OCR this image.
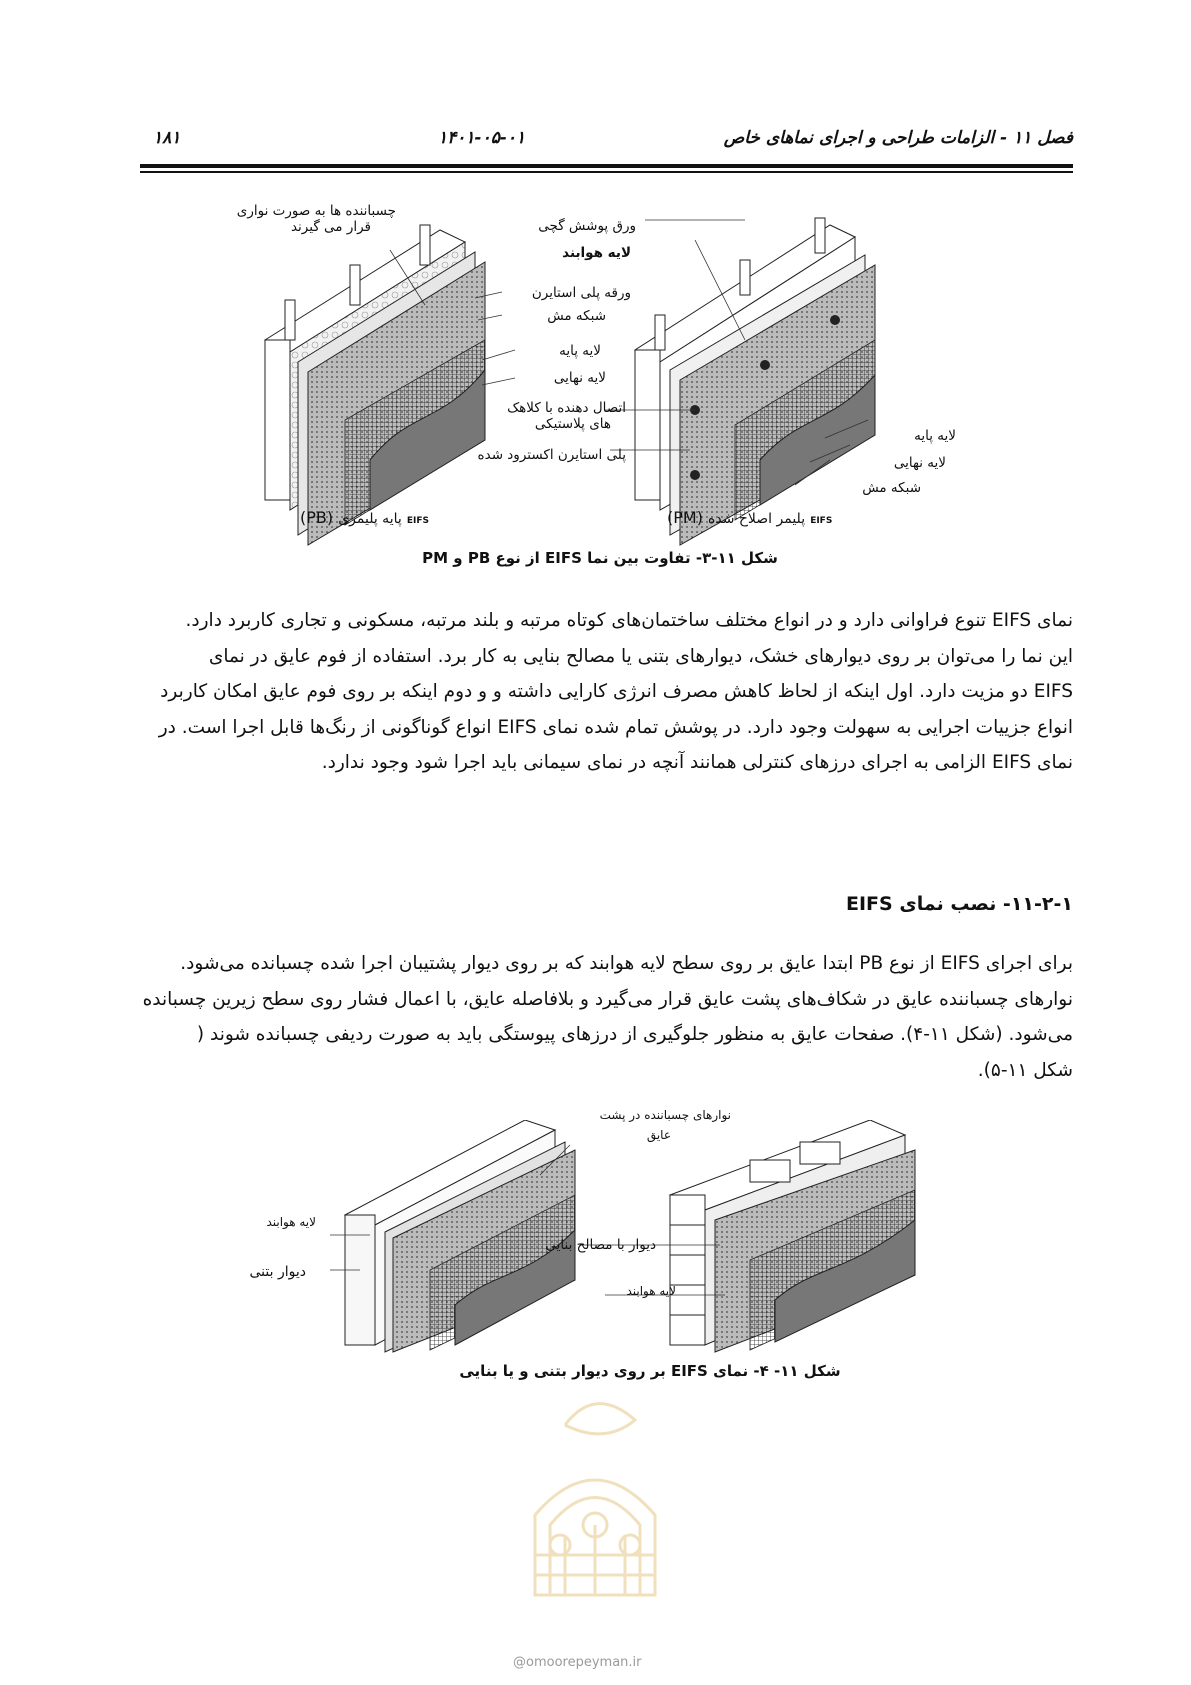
۱۸۱	۱۴۰۱-۰۵-۰۱	فصل ۱۱ - الزامات طراحی و اجرای نماهای خاص
چسباننده ها به صورت نواری
قرار می گیرند
ورقه پلی استایرن
شبکه مش
لایه پایه
لایه نهایی
ورق پوشش گچی
لایه هوابند
اتصال دهنده با کلاهک
های پلاستیکی
پلی استایرن اکسترود شده
لایه پایه
لایه نهایی
شبکه مش
(PB) پایه پلیمری EIFS	(PM) پلیمر اصلاح شده EIFS
شکل ۱۱-۳- تفاوت بین نما EIFS از نوع PB و PM
نمای EIFS تنوع فراوانی دارد و در انواع مختلف ساختمان‌های کوتاه مرتبه و بلند مرتبه، مسکونی و تجاری کاربرد دارد.
این نما را می‌توان بر روی دیوارهای خشک، دیوارهای بتنی یا مصالح بنایی به کار برد. استفاده از فوم عایق در نمای
EIFS دو مزیت دارد. اول اینکه از لحاظ کاهش مصرف انرژی کارایی داشته و و دوم اینکه بر روی فوم عایق امکان کاربرد
انواع جزییات اجرایی به سهولت وجود دارد. در پوشش تمام شده نمای EIFS انواع گوناگونی از رنگ‌ها قابل اجرا است. در
نمای EIFS الزامی به اجرای درزهای کنترلی همانند آنچه در نمای سیمانی باید اجرا شود وجود ندارد.
۱۱-۲-۱- نصب نمای EIFS
برای اجرای EIFS از نوع PB ابتدا عایق بر روی سطح لایه هوابند که بر روی دیوار پشتیبان اجرا شده چسبانده می‌شود.
نوارهای چسباننده عایق در شکاف‌های پشت عایق قرار می‌گیرد و بلافاصله عایق، با اعمال فشار روی سطح زیرین چسبانده
می‌شود. (شکل ۱۱-۴). صفحات عایق به منظور جلوگیری از درزهای پیوستگی باید به صورت ردیفی چسبانده شوند (
شکل ۱۱-۵).
لایه هوابند
دیوار بتنی
نوارهای چسباننده در پشت
عایق
دیوار با مصالح بنایی
لایه هوابند
شکل ۱۱- ۴- نمای EIFS بر روی دیوار بتنی و یا بنایی
@omoorepeyman.ir
